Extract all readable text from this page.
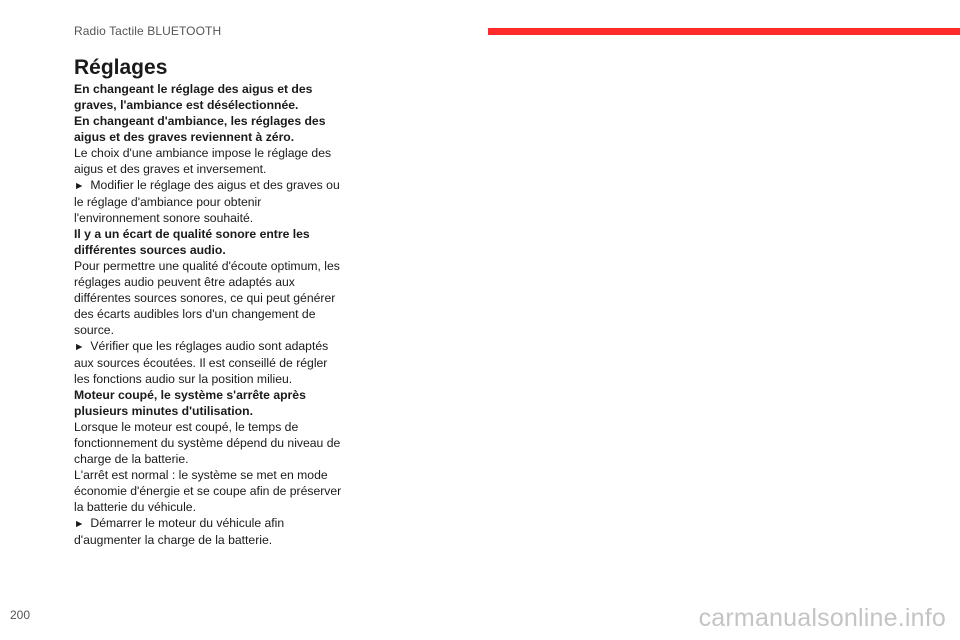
Radio Tactile BLUETOOTH
Réglages

En changeant le réglage des aigus et des graves, l'ambiance est désélectionnée.

En changeant d'ambiance, les réglages des aigus et des graves reviennent à zéro.

Le choix d'une ambiance impose le réglage des aigus et des graves et inversement.

► Modifier le réglage des aigus et des graves ou le réglage d'ambiance pour obtenir l'environnement sonore souhaité.

Il y a un écart de qualité sonore entre les différentes sources audio.

Pour permettre une qualité d'écoute optimum, les réglages audio peuvent être adaptés aux différentes sources sonores, ce qui peut générer des écarts audibles lors d'un changement de source.

► Vérifier que les réglages audio sont adaptés aux sources écoutées. Il est conseillé de régler les fonctions audio sur la position milieu.

Moteur coupé, le système s'arrête après plusieurs minutes d'utilisation.

Lorsque le moteur est coupé, le temps de fonctionnement du système dépend du niveau de charge de la batterie.

L'arrêt est normal : le système se met en mode économie d'énergie et se coupe afin de préserver la batterie du véhicule.

► Démarrer le moteur du véhicule afin d'augmenter la charge de la batterie.

200	carmanualsonline.info
